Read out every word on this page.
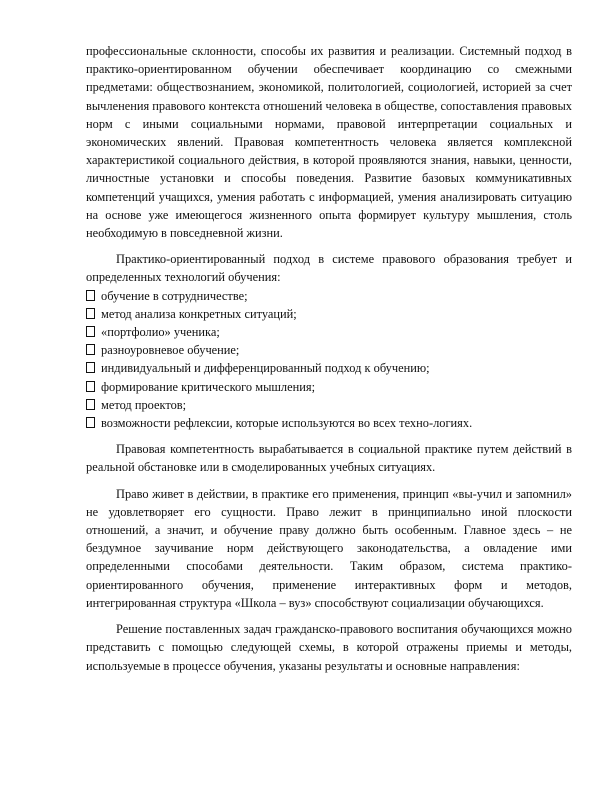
профессиональные склонности, способы их развития и реализации. Системный подход в практико-ориентированном обучении обеспечивает координацию со смежными предметами: обществознанием, экономикой, политологией, социологией, историей за счет вычленения правового контекста отношений человека в обществе, сопоставления правовых норм с иными социальными нормами, правовой интерпретации социальных и экономических явлений. Правовая компетентность человека является комплексной характеристикой социального действия, в которой проявляются знания, навыки, ценности, личностные установки и способы поведения. Развитие базовых коммуникативных компетенций учащихся, умения работать с информацией, умения анализировать ситуацию на основе уже имеющегося жизненного опыта формирует культуру мышления, столь необходимую в повседневной жизни.

Практико-ориентированный подход в системе правового образования требует и определенных технологий обучения:

обучение в сотрудничестве;
метод анализа конкретных ситуаций;
«портфолио» ученика;
разноуровневое обучение;
индивидуальный и дифференцированный подход к обучению;
формирование критического мышления;
метод проектов;
возможности рефлексии, которые используются во всех техно-логиях.

Правовая компетентность вырабатывается в социальной практике путем действий в реальной обстановке или в смоделированных учебных ситуациях.

Право живет в действии, в практике его применения, принцип «вы-учил и запомнил» не удовлетворяет его сущности. Право лежит в принципиально иной плоскости отношений, а значит, и обучение праву должно быть особенным. Главное здесь – не бездумное заучивание норм действующего законодательства, а овладение ими определенными способами деятельности. Таким образом, система практико-ориентированного обучения, применение интерактивных форм и методов, интегрированная структура «Школа – вуз» способствуют социализации обучающихся.

Решение поставленных задач гражданско-правового воспитания обучающихся можно представить с помощью следующей схемы, в которой отражены приемы и методы, используемые в процессе обучения, указаны результаты и основные направления:
